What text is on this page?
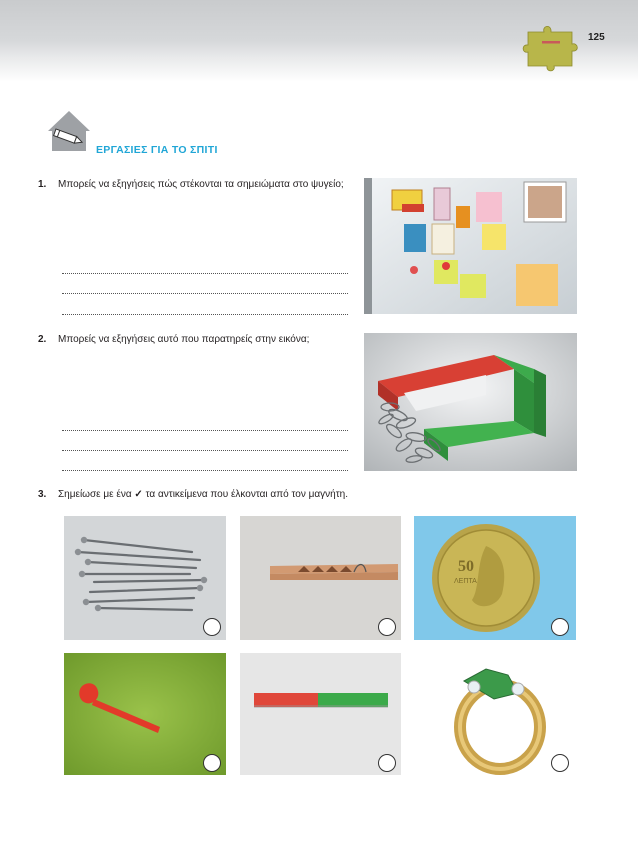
125
ΕΡΓΑΣΙΕΣ ΓΙΑ ΤΟ ΣΠΙΤΙ
1. Μπορείς να εξηγήσεις πώς στέκονται τα σημειώματα στο ψυγείο;
2. Μπορείς να εξηγήσεις αυτό που παρατηρείς στην εικόνα;
3. Σημείωσε με ένα ✓ τα αντικείμενα που έλκονται από τον μαγνήτη.
50
ΛΕΠΤΑ
